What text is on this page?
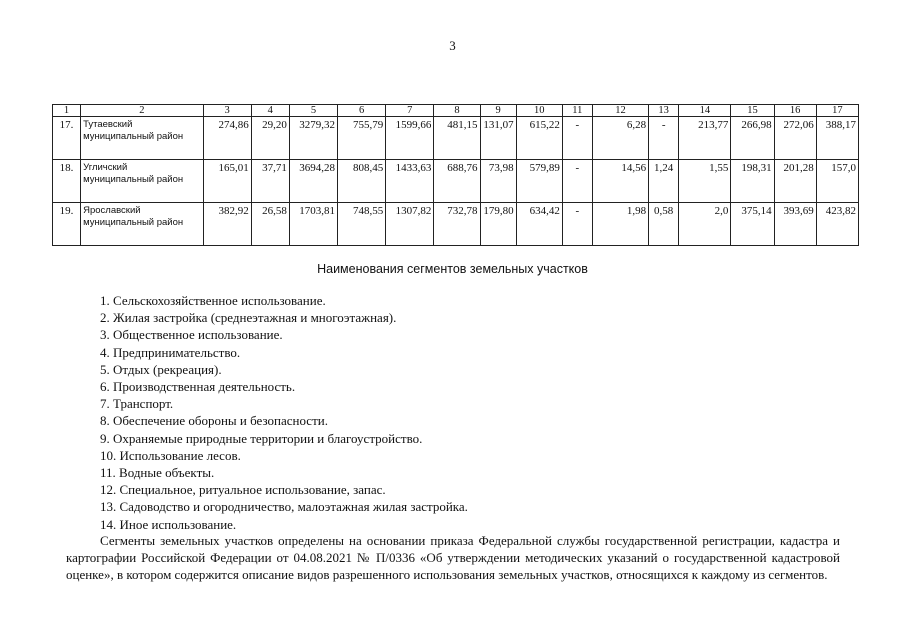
3
1	2	3	4	5	6	7	8	9	10	11	12	13	14	15	16	17
17.	Тутаевский муниципальный район	274,86	29,20	3279,32	755,79	1599,66	481,15	131,07	615,22	-	6,28	-	213,77	266,98	272,06	388,17
18.	Угличский муниципальный район	165,01	37,71	3694,28	808,45	1433,63	688,76	73,98	579,89	-	14,56	1,24	1,55	198,31	201,28	157,0
19.	Ярославский муниципальный район	382,92	26,58	1703,81	748,55	1307,82	732,78	179,80	634,42	-	1,98	0,58	2,0	375,14	393,69	423,82
Наименования сегментов земельных участков
1. Сельскохозяйственное использование.
2. Жилая застройка (среднеэтажная и многоэтажная).
3. Общественное использование.
4. Предпринимательство.
5. Отдых (рекреация).
6. Производственная деятельность.
7. Транспорт.
8. Обеспечение обороны и безопасности.
9. Охраняемые природные территории и благоустройство.
10. Использование лесов.
11. Водные объекты.
12. Специальное, ритуальное использование, запас.
13. Садоводство и огородничество, малоэтажная жилая застройка.
14. Иное использование.

Сегменты земельных участков определены на основании приказа Федеральной службы государственной регистрации, кадастра и картографии Российской Федерации от 04.08.2021 № П/0336 «Об утверждении методических указаний о государственной кадастровой оценке», в котором содержится описание видов разрешенного использования земельных участков, относящихся к каждому из сегментов.
